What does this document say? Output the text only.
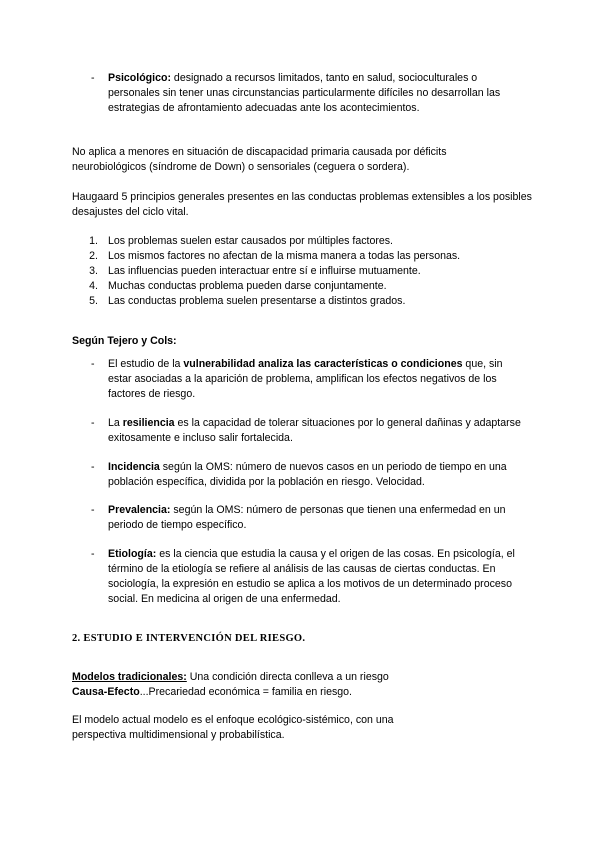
-	Psicológico: designado a recursos limitados, tanto en salud, socioculturales o personales sin tener unas circunstancias particularmente difíciles no desarrollan las estrategias de afrontamiento adecuadas ante los acontecimientos.
No aplica a menores en situación de discapacidad primaria causada por déficits neurobiológicos (síndrome de Down) o sensoriales (ceguera o sordera).
Haugaard 5 principios generales presentes en las conductas problemas extensibles a los posibles desajustes del ciclo vital.
1. Los problemas suelen estar causados por múltiples factores.
2. Los mismos factores no afectan de la misma manera a todas las personas.
3. Las influencias pueden interactuar entre sí e influirse mutuamente.
4. Muchas conductas problema pueden darse conjuntamente.
5. Las conductas problema suelen presentarse a distintos grados.
Según Tejero y Cols:
-	El estudio de la vulnerabilidad analiza las características o condiciones que, sin estar asociadas a la aparición de problema, amplifican los efectos negativos de los factores de riesgo.
-	La resiliencia es la capacidad de tolerar situaciones por lo general dañinas y adaptarse exitosamente e incluso salir fortalecida.
-	Incidencia según la OMS: número de nuevos casos en un periodo de tiempo en una población específica, dividida por la población en riesgo. Velocidad.
-	Prevalencia: según la OMS: número de personas que tienen una enfermedad en un periodo de tiempo específico.
-	Etiología: es la ciencia que estudia la causa y el origen de las cosas. En psicología, el término de la etiología se refiere al análisis de las causas de ciertas conductas. En sociología, la expresión en estudio se aplica a los motivos de un determinado proceso social. En medicina al origen de una enfermedad.
2. ESTUDIO E INTERVENCIÓN DEL RIESGO.
Modelos tradicionales: Una condición directa conlleva a un riesgo
Causa-Efecto...Precariedad económica = familia en riesgo.
El modelo actual modelo es el enfoque ecológico-sistémico, con una perspectiva multidimensional y probabilística.
